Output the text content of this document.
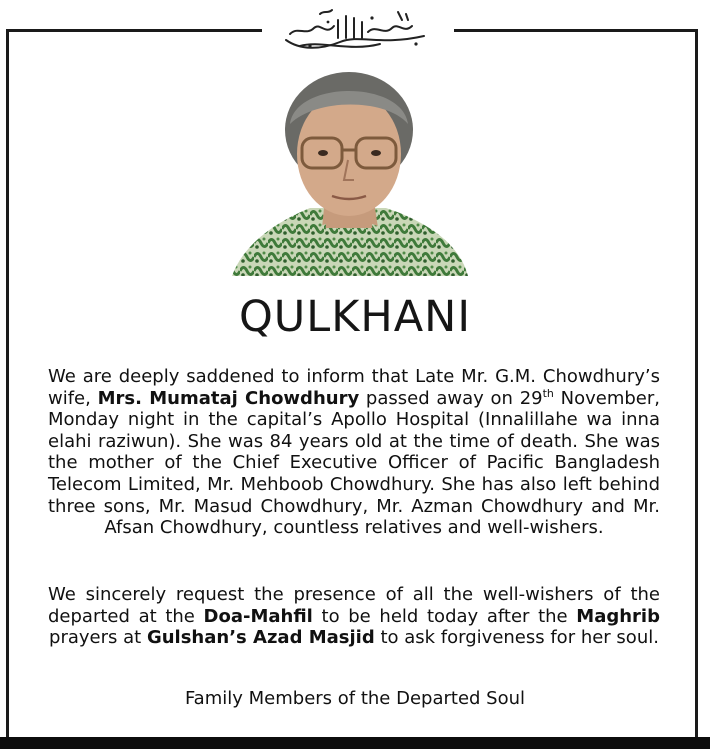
QULKHANI
We are deeply saddened to inform that Late Mr. G.M. Chowdhury’s wife, Mrs. Mumataj Chowdhury passed away on 29th November, Monday night in the capital’s Apollo Hospital (Innalillahe wa inna elahi raziwun). She was 84 years old at the time of death. She was the mother of the Chief Executive Officer of Pacific Bangladesh Telecom Limited, Mr. Mehboob Chowdhury. She has also left behind three sons, Mr. Masud Chowdhury, Mr. Azman Chowdhury and Mr. Afsan Chowdhury, countless relatives and well-wishers.
We sincerely request the presence of all the well-wishers of the departed at the Doa-Mahfil to be held today after the Maghrib prayers at Gulshan’s Azad Masjid to ask forgiveness for her soul.
Family Members of the Departed Soul
